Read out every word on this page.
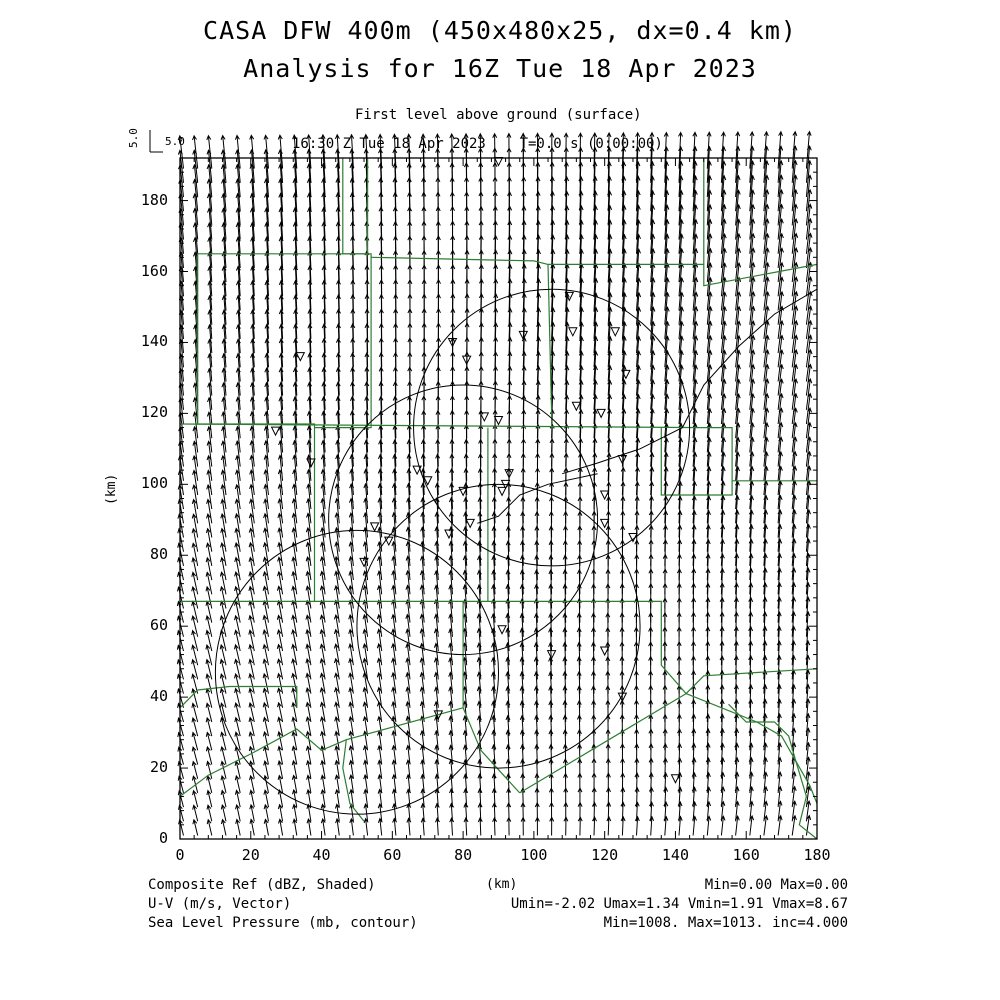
CASA DFW 400m (450x480x25, dx=0.4 km)
Analysis for 16Z Tue 18 Apr 2023
First level above ground (surface)
16:30 Z Tue 18 Apr 2023    T=0.0 s (0:00:00)
5.0
5.0
0
20
40
60
80
100
120
140
160
180
0	20	40	60	80	100	120	140	160	180
(km)
(km)
Composite Ref (dBZ, Shaded)
U-V (m/s, Vector)
Sea Level Pressure (mb, contour)
Min=0.00 Max=0.00
Umin=-2.02 Umax=1.34 Vmin=1.91 Vmax=8.67
Min=1008. Max=1013. inc=4.000
